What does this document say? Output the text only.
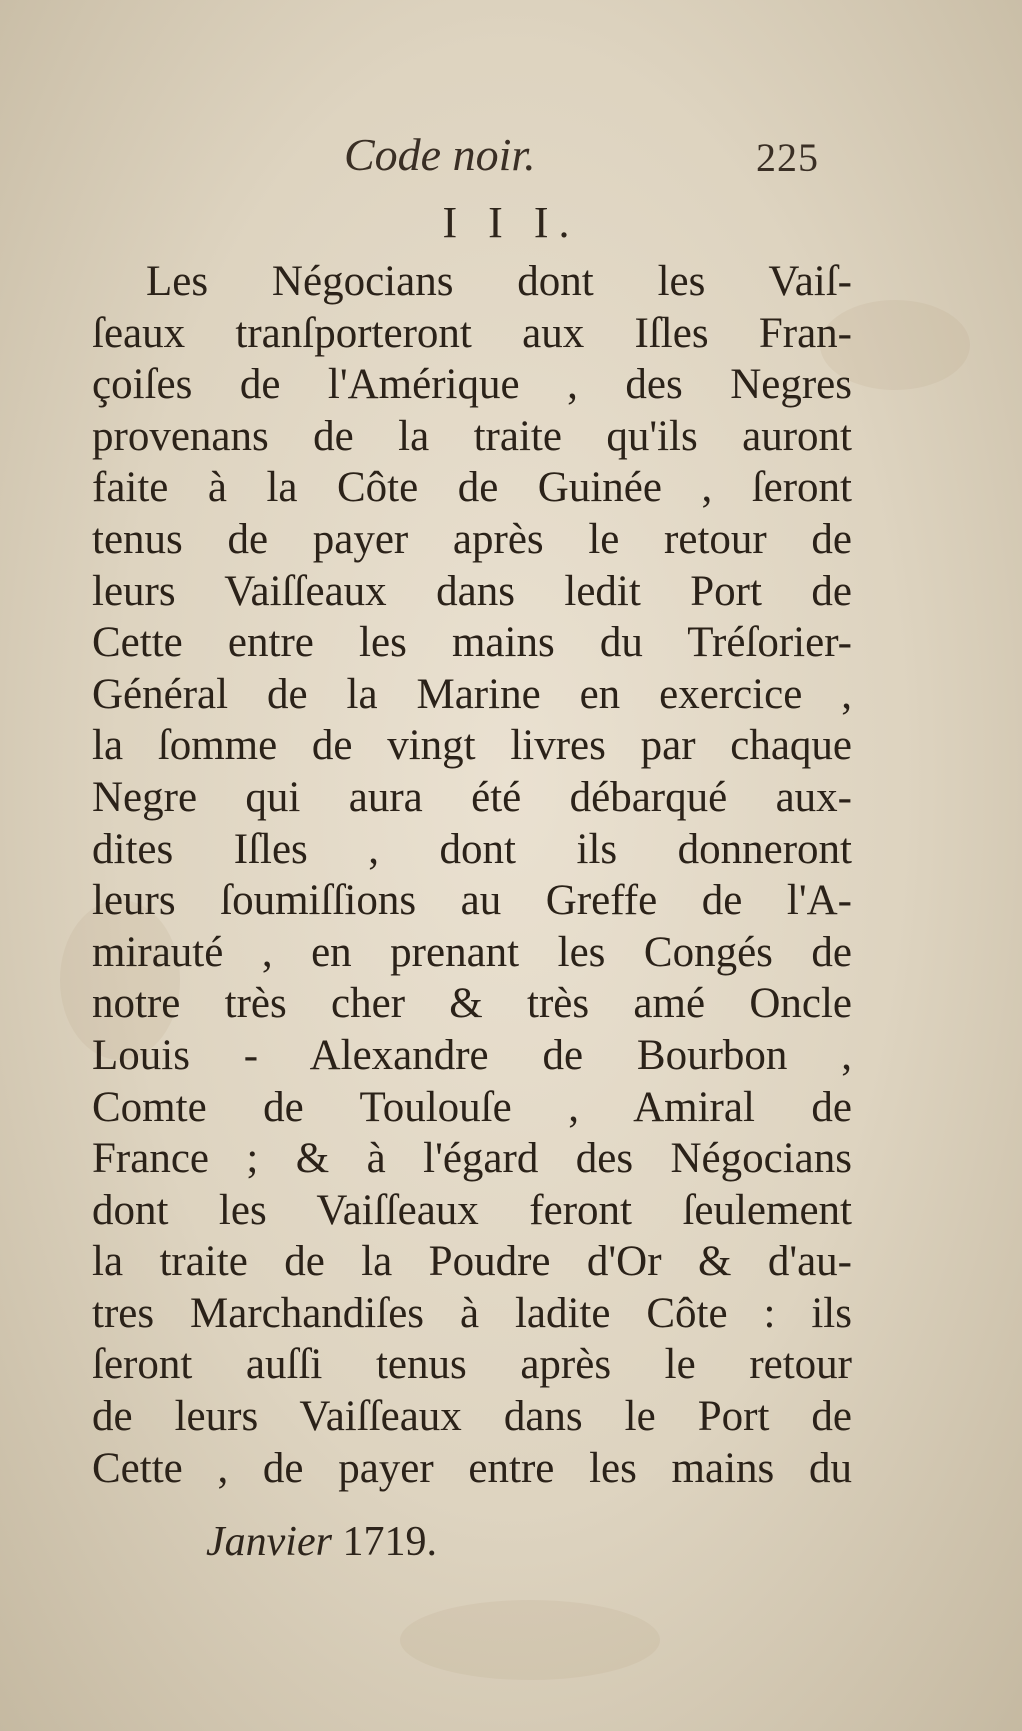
Code noir.	225
I I I.
Les Négocians dont les Vaiſ-
ſeaux tranſporteront aux Iſles Fran-
çoiſes de l'Amérique , des Negres
provenans de la traite qu'ils auront
faite à la Côte de Guinée , ſeront
tenus de payer après le retour de
leurs Vaiſſeaux dans ledit Port de
Cette entre les mains du Tréſorier-
Général de la Marine en exercice ,
la ſomme de vingt livres par chaque
Negre qui aura été débarqué aux-
dites Iſles , dont ils donneront
leurs ſoumiſſions au Greffe de l'A-
mirauté , en prenant les Congés de
notre très cher & très amé Oncle
Louis - Alexandre de Bourbon ,
Comte de Toulouſe , Amiral de
France ; & à l'égard des Négocians
dont les Vaiſſeaux feront ſeulement
la traite de la Poudre d'Or & d'au-
tres Marchandiſes à ladite Côte : ils
ſeront auſſi tenus après le retour
de leurs Vaiſſeaux dans le Port de
Cette , de payer entre les mains du
Janvier 1719.
